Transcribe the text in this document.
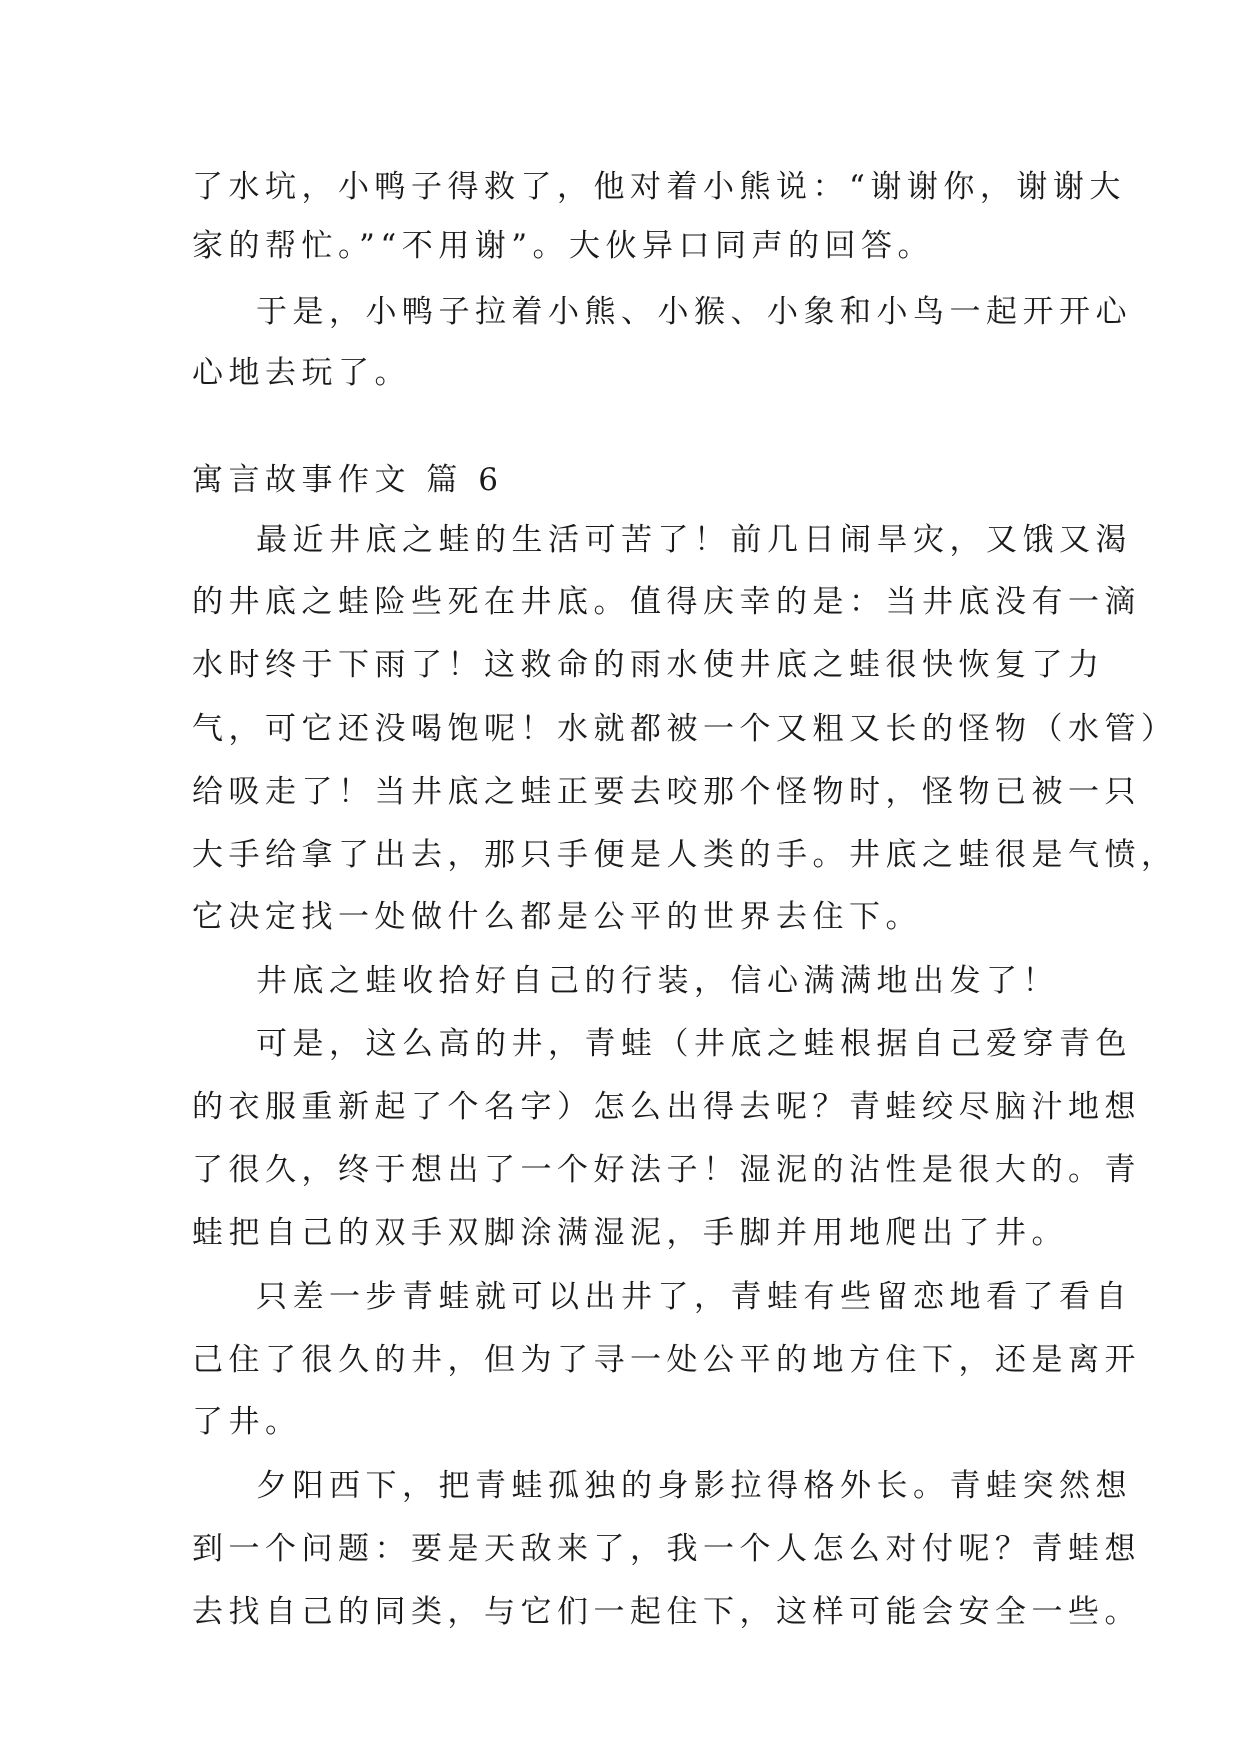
了水坑，小鸭子得救了，他对着小熊说：“谢谢你，谢谢大
家的帮忙。”“不用谢”。大伙异口同声的回答。
于是，小鸭子拉着小熊、小猴、小象和小鸟一起开开心
心地去玩了。
寓言故事作文 篇 6
最近井底之蛙的生活可苦了！前几日闹旱灾，又饿又渴
的井底之蛙险些死在井底。值得庆幸的是：当井底没有一滴
水时终于下雨了！这救命的雨水使井底之蛙很快恢复了力
气，可它还没喝饱呢！水就都被一个又粗又长的怪物（水管）
给吸走了！当井底之蛙正要去咬那个怪物时，怪物已被一只
大手给拿了出去，那只手便是人类的手。井底之蛙很是气愤，
它决定找一处做什么都是公平的世界去住下。
井底之蛙收拾好自己的行装，信心满满地出发了！
可是，这么高的井，青蛙（井底之蛙根据自己爱穿青色
的衣服重新起了个名字）怎么出得去呢？青蛙绞尽脑汁地想
了很久，终于想出了一个好法子！湿泥的沾性是很大的。青
蛙把自己的双手双脚涂满湿泥，手脚并用地爬出了井。
只差一步青蛙就可以出井了，青蛙有些留恋地看了看自
己住了很久的井，但为了寻一处公平的地方住下，还是离开
了井。
夕阳西下，把青蛙孤独的身影拉得格外长。青蛙突然想
到一个问题：要是天敌来了，我一个人怎么对付呢？青蛙想
去找自己的同类，与它们一起住下，这样可能会安全一些。
